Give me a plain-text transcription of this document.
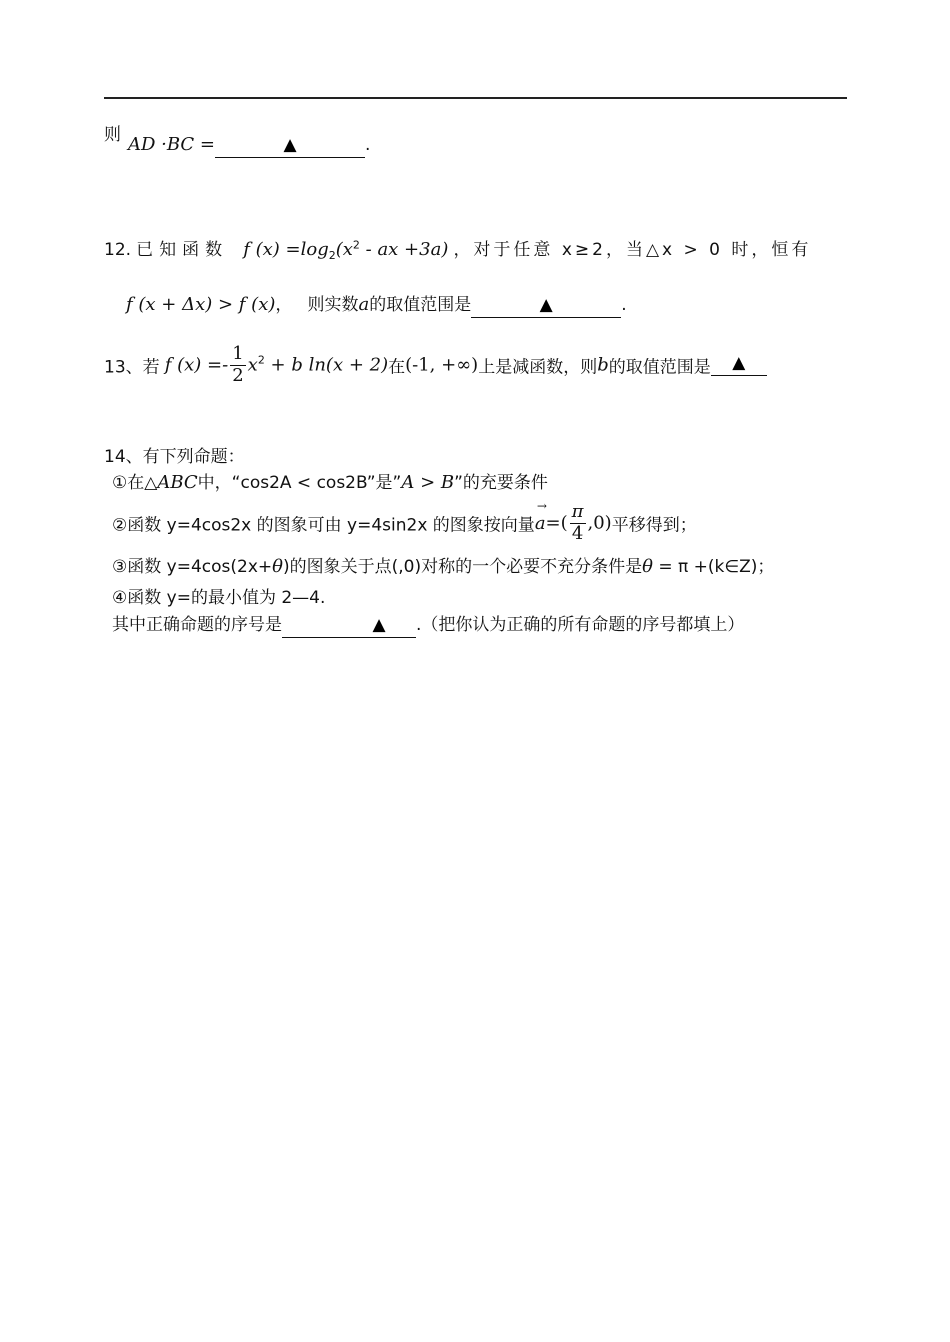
则 AD ·BC =	▲	.
12. 已知函数 f $(x) =\log_2(x^2$ - ax +3a) ，对于任意 x≥2，当△x > 0 时，恒有
f (x + Δx) > f (x)， 则实数a的取值范围是	▲	.
13、若 f $(x) =- \frac{1}{2} x^2 + b$ ln(x + 2)在(-1, +∞)上是减函数，则b的取值范围是 ▲
14、有下列命题：
①在△ABC中，“cos2A < cos2B”是”A > B”的充要条件
②函数 y=4cos2x 的图象可由 y=4sin2x 的图象按向量
→
$a=( \frac{\pi}{4} ,0)$平移得到；
③函数 y=4cos(2x+θ)的图象关于点(,0)对称的一个必要不充分条件是θ = π +(k∈Z)；
④函数 y=的最小值为 2—4.
其中正确命题的序号是	▲ .（把你认为正确的所有命题的序号都填上）
